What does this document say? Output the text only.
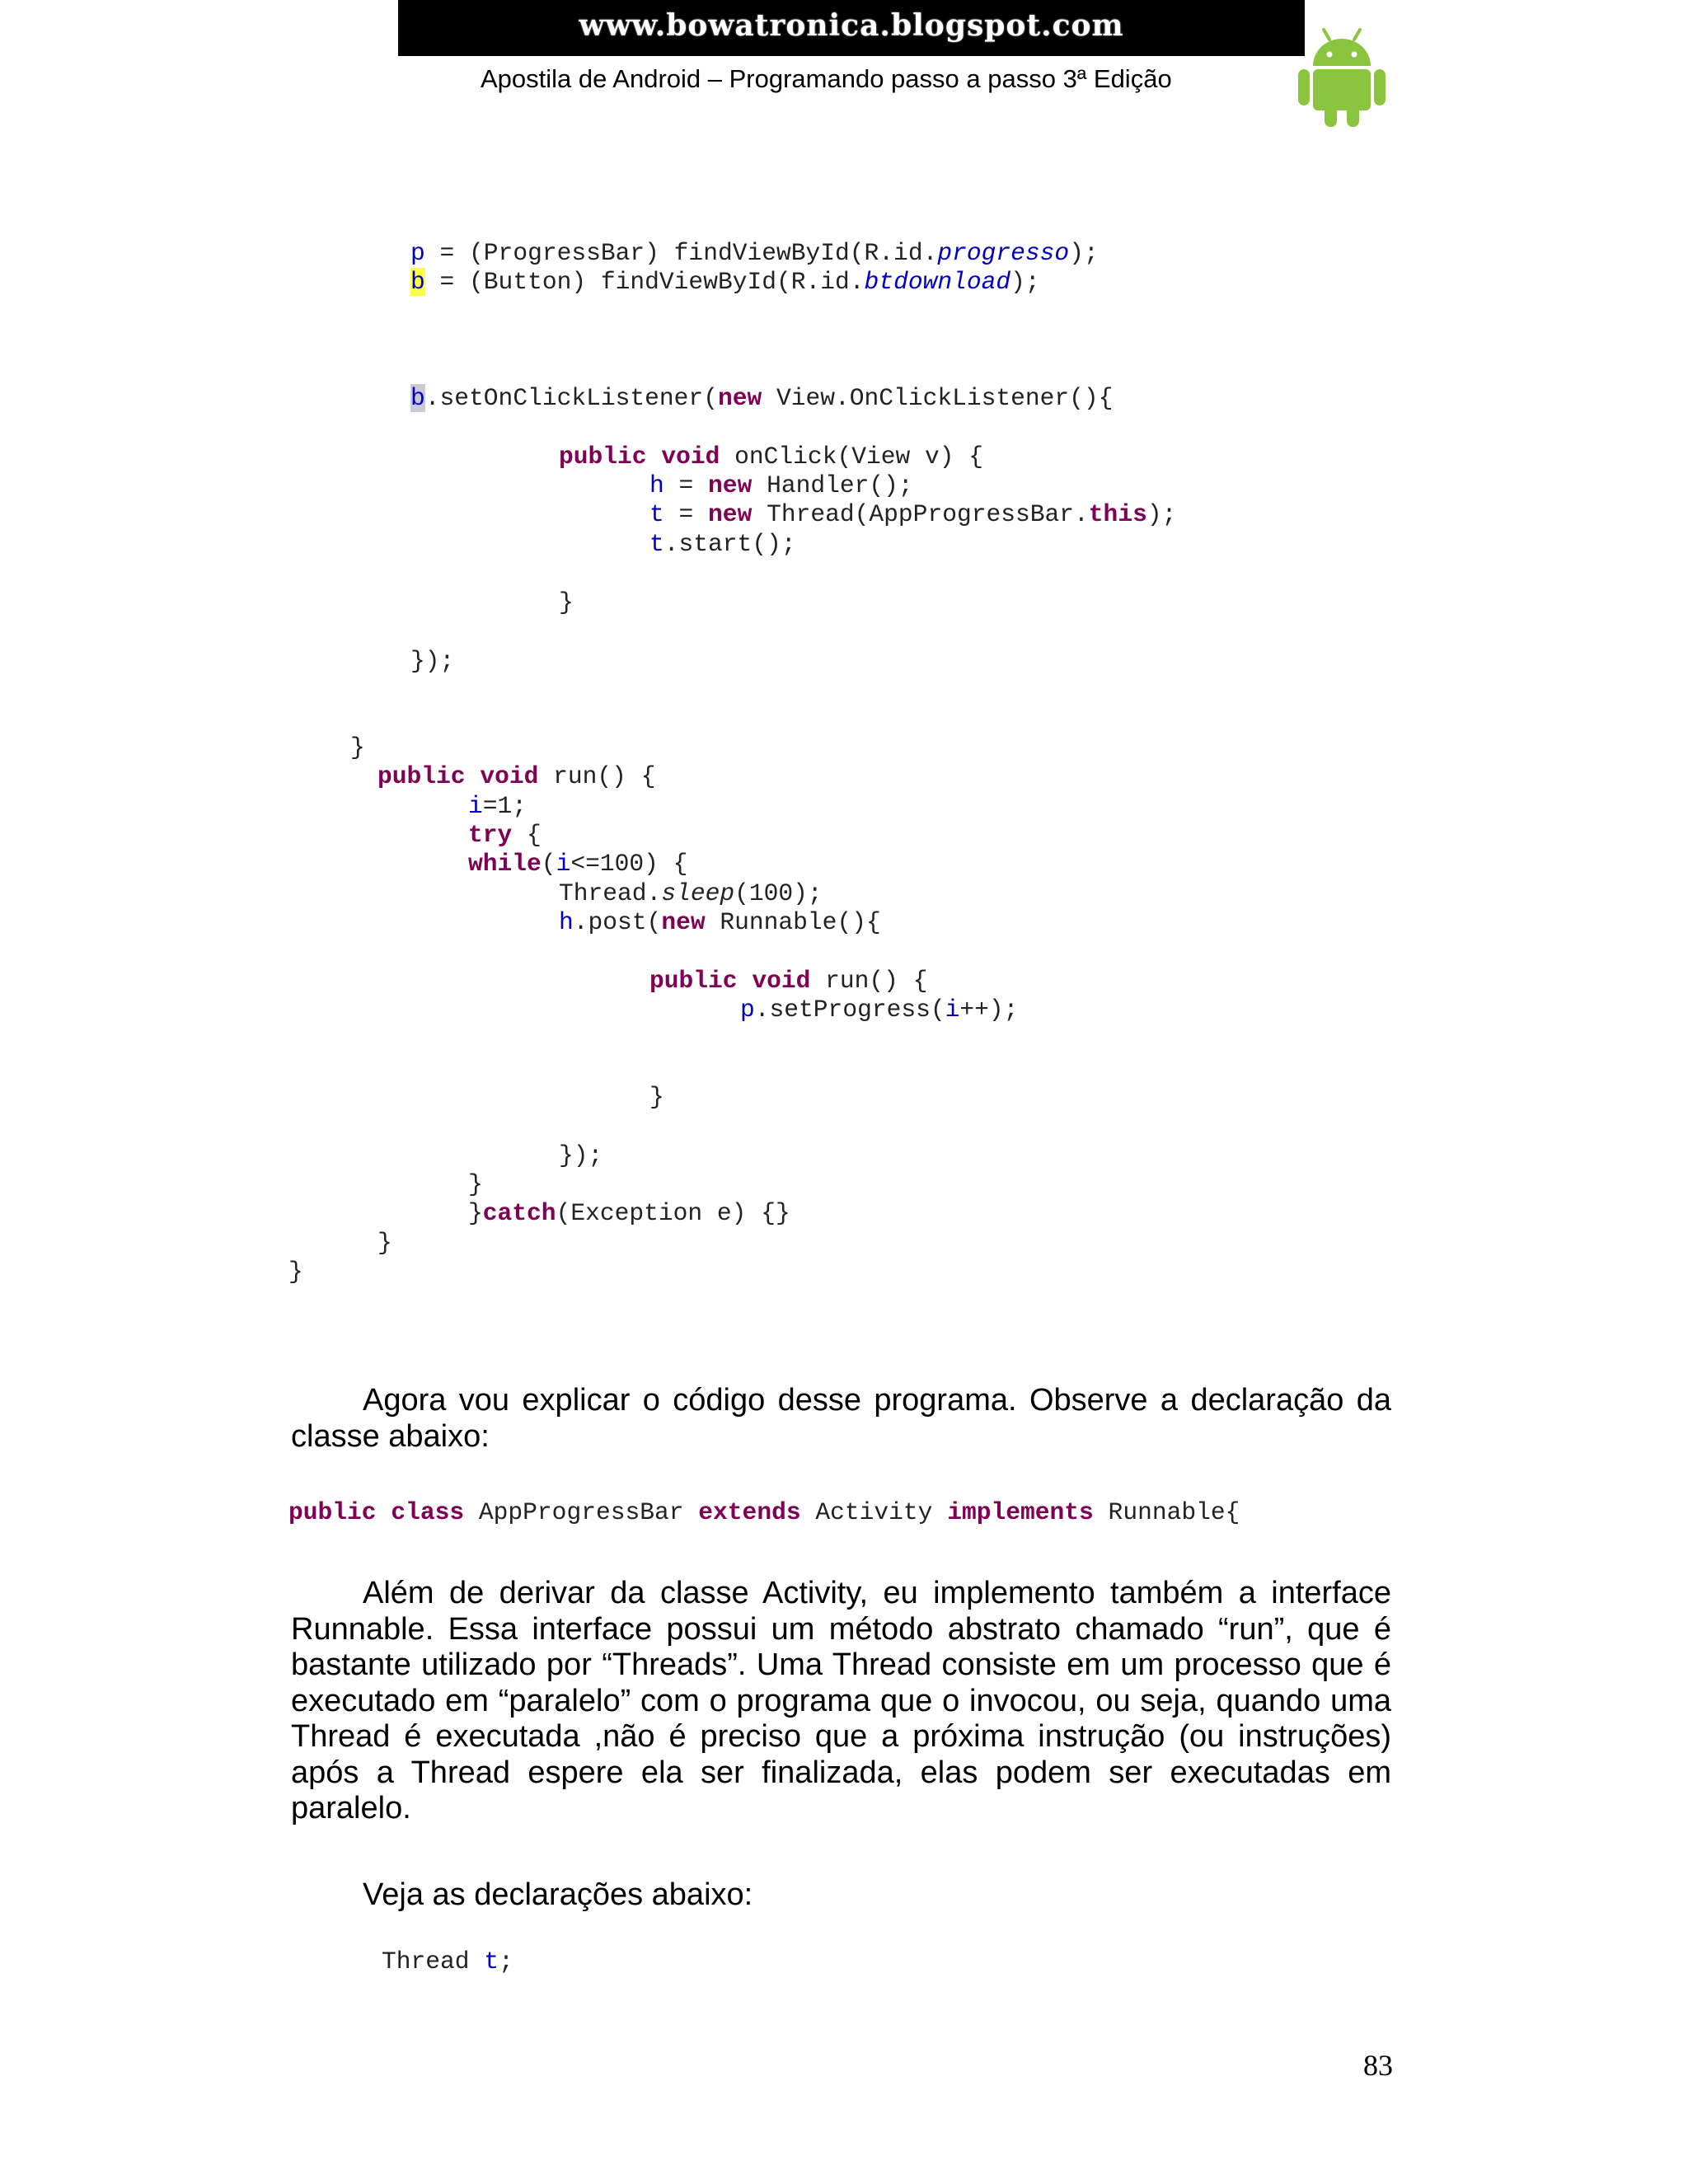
www.bowatronica.blogspot.com
Apostila de Android – Programando passo a passo 3ª Edição
p = (ProgressBar) findViewById(R.id.progresso);
b = (Button) findViewById(R.id.btdownload);
b.setOnClickListener(new View.OnClickListener(){
public void onClick(View v) {
h = new Handler();
t = new Thread(AppProgressBar.this);
t.start();
}
});
}
public void run() {
i=1;
try {
while(i<=100) {
Thread.sleep(100);
h.post(new Runnable(){
public void run() {
p.setProgress(i++);
}
});
}
}catch(Exception e) {}
}
}

Agora vou explicar o código desse programa. Observe a declaração da classe abaixo:

public class AppProgressBar extends Activity implements Runnable{

Além de derivar da classe Activity, eu implemento também a interface Runnable. Essa interface possui um método abstrato chamado “run”, que é bastante utilizado por “Threads”. Uma Thread consiste em um processo que é executado em “paralelo” com o programa que o invocou, ou seja, quando uma Thread é executada ,não é preciso que a próxima instrução (ou instruções) após a Thread espere ela ser finalizada, elas podem ser executadas em paralelo.

Veja as declarações abaixo:

Thread t;
83
